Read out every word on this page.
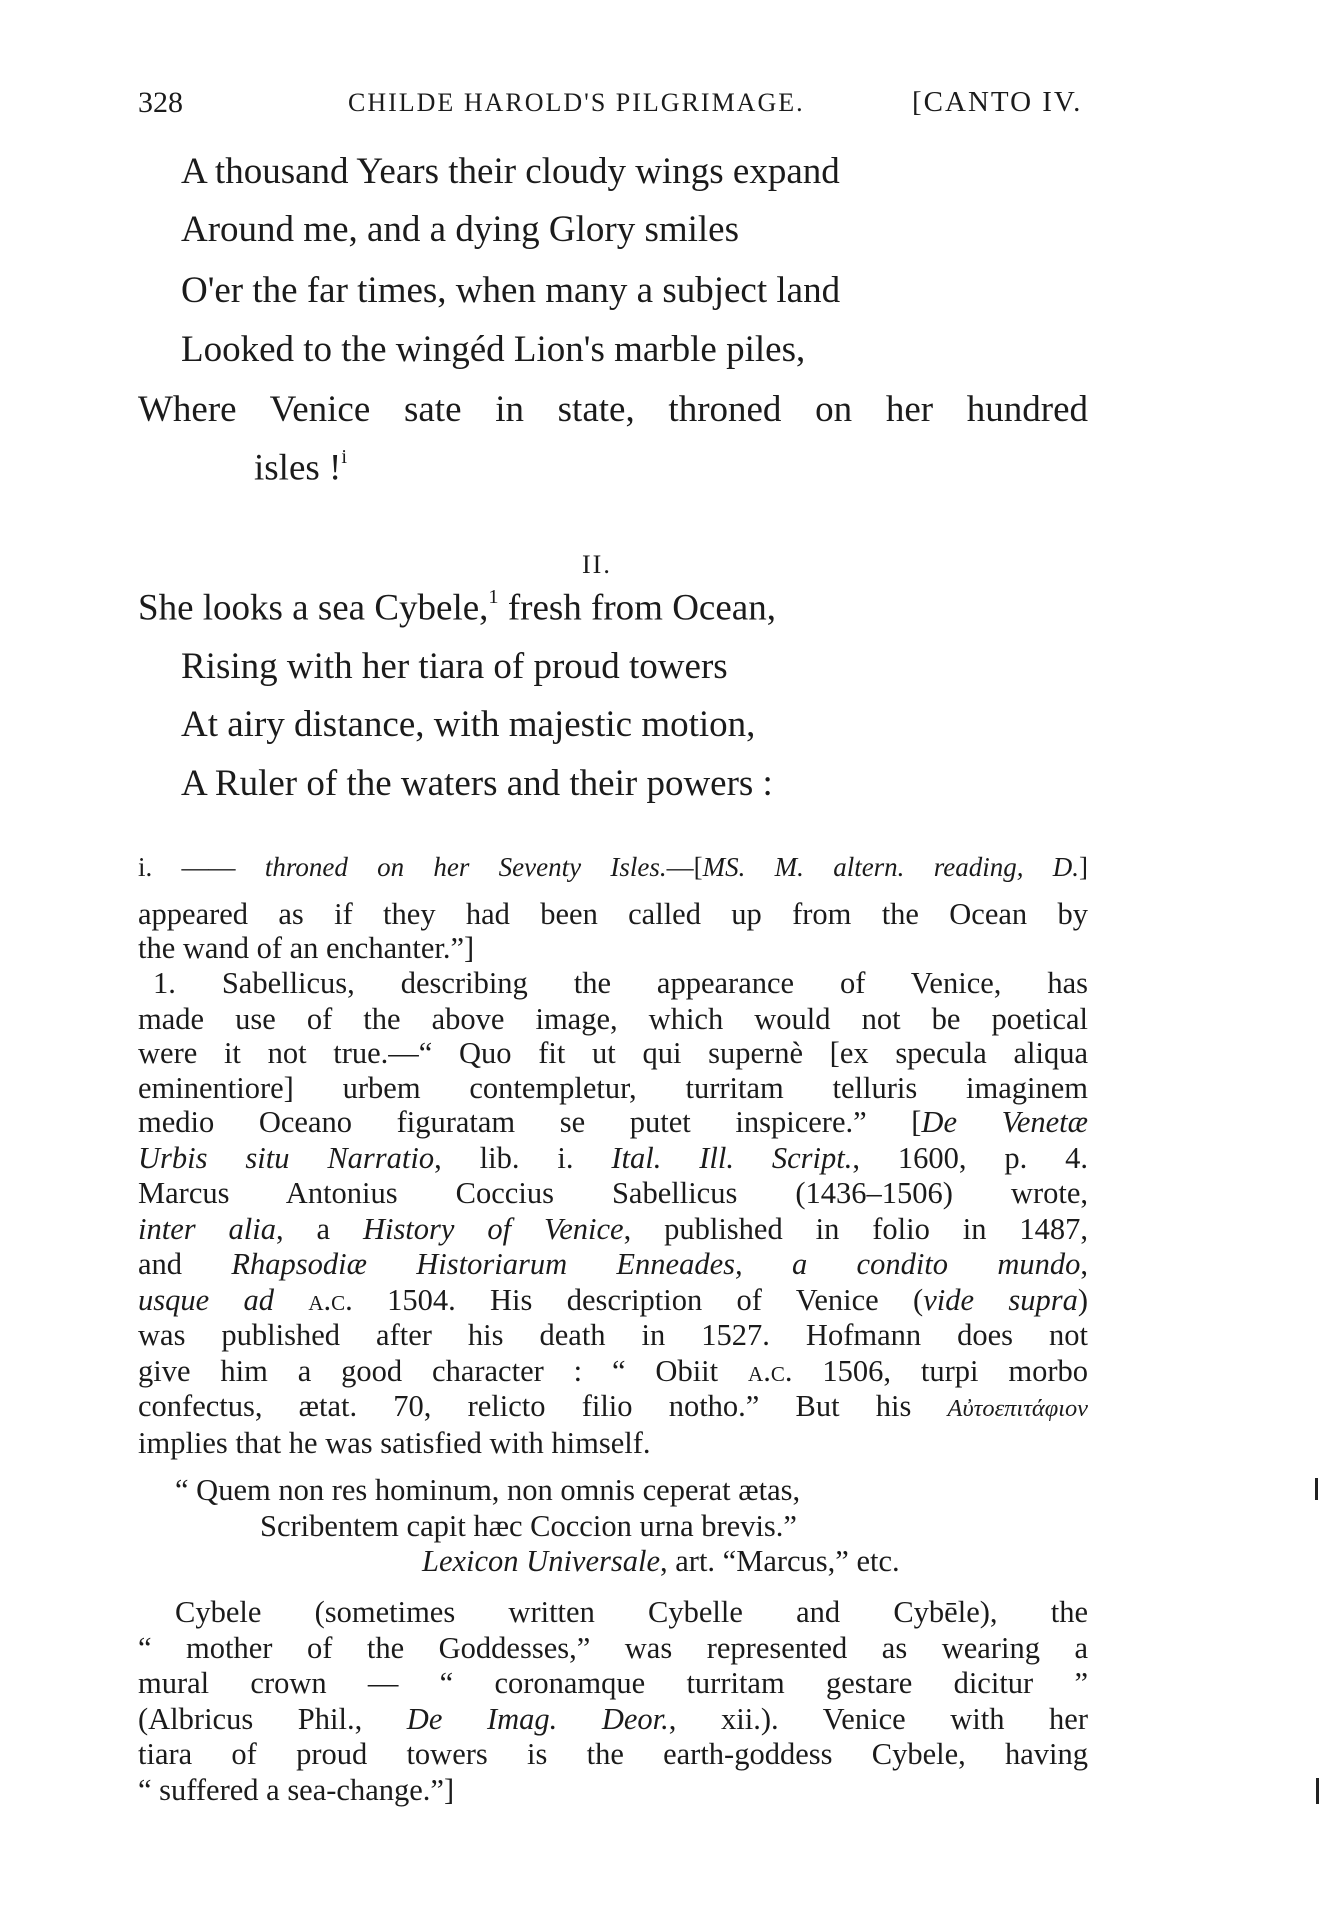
328	CHILDE HAROLD'S PILGRIMAGE.	[CANTO IV.
A thousand Years their cloudy wings expand
Around me, and a dying Glory smiles
O'er the far times, when many a subject land
Looked to the wingéd Lion's marble piles,
Where Venice sate in state, throned on her hundred
isles !$^i$
She looks a sea Cybele,$^1$ fresh from Ocean,
Rising with her tiara of proud towers
At airy distance, with majestic motion,
A Ruler of the waters and their powers :
i. —— throned on her Seventy Isles.—[MS. M. altern. reading, D.]
appeared as if they had been called up from the Ocean by
the wand of an enchanter.”]
1. Sabellicus, describing the appearance of Venice, has
made use of the above image, which would not be poetical
were it not true.—“ Quo fit ut qui supernè [ex specula aliqua
eminentiore] urbem contempletur, turritam telluris imaginem
medio Oceano figuratam se putet inspicere.” [De Venetæ
Urbis situ Narratio, lib. i. Ital. Ill. Script., 1600, p. 4.
Marcus Antonius Coccius Sabellicus (1436–1506) wrote,
inter alia, a History of Venice, published in folio in 1487,
and Rhapsodiæ Historiarum Enneades, a condito mundo,
usque ad a.c. 1504. His description of Venice (vide supra)
was published after his death in 1527. Hofmann does not
give him a good character : “ Obiit a.c. 1506, turpi morbo
confectus, ætat. 70, relicto filio notho.” But his Αὐτοεπιτάφιον
implies that he was satisfied with himself.
“ Quem non res hominum, non omnis ceperat ætas,
Scribentem capit hæc Coccion urna brevis.”
Lexicon Universale, art. “Marcus,” etc.
Cybele (sometimes written Cybelle and Cybēle), the
“ mother of the Goddesses,” was represented as wearing a
mural crown — “ coronamque turritam gestare dicitur ”
(Albricus Phil., De Imag. Deor., xii.). Venice with her
tiara of proud towers is the earth-goddess Cybele, having
“ suffered a sea-change.”]
II.
